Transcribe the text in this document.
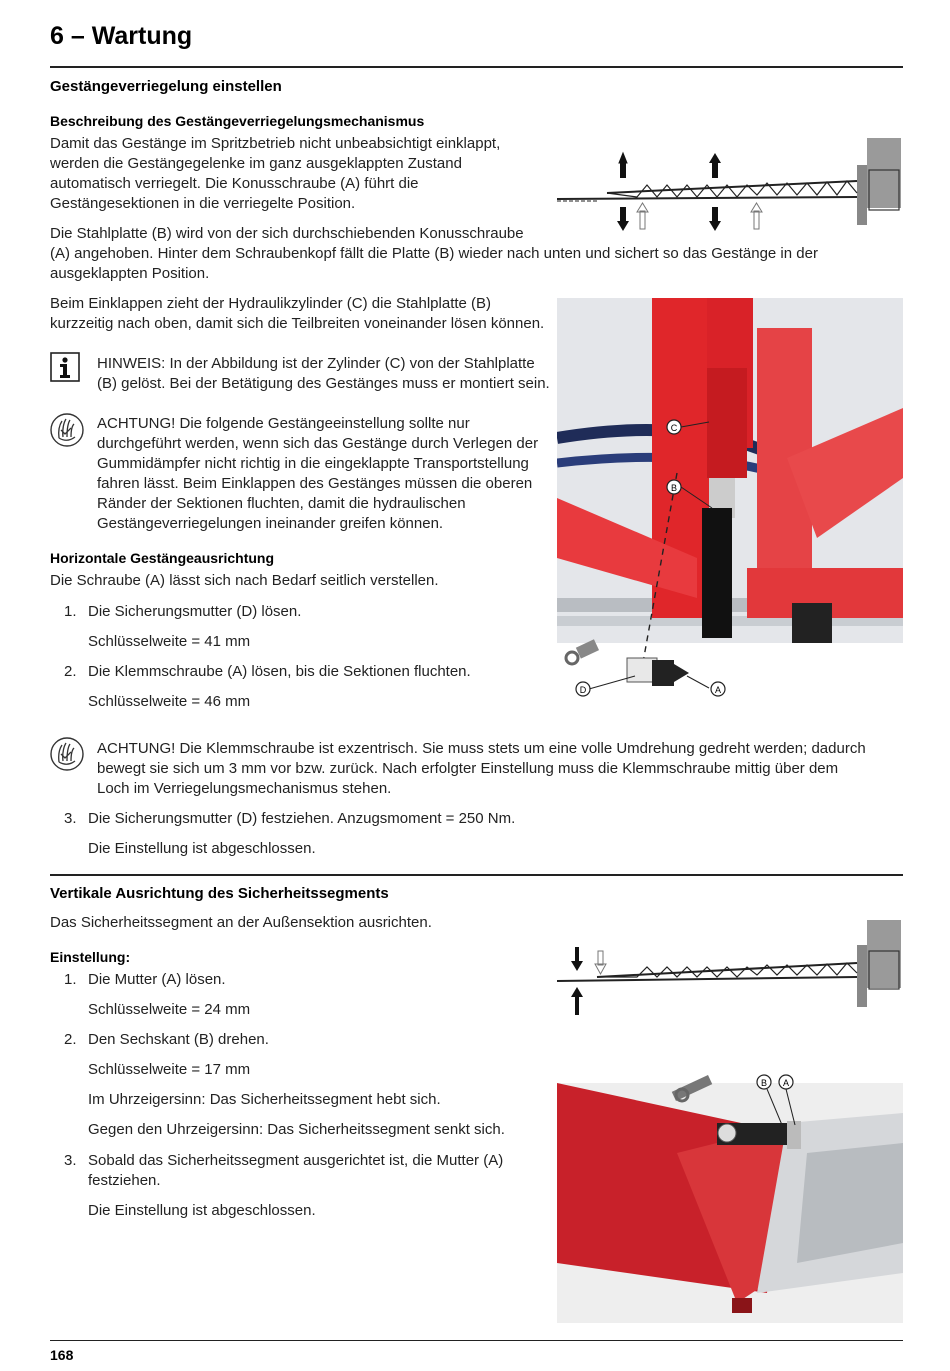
6 – Wartung
Gestängeverriegelung einstellen
Beschreibung des Gestängeverriegelungsmechanismus
Damit das Gestänge im Spritzbetrieb nicht unbeabsichtigt einklappt,
werden die Gestängegelenke im ganz ausgeklappten Zustand
automatisch verriegelt. Die Konusschraube (A) führt die
Gestängesektionen in die verriegelte Position.
Die Stahlplatte (B) wird von der sich durchschiebenden Konusschraube
(A) angehoben. Hinter dem Schraubenkopf fällt die Platte (B) wieder nach unten und sichert so das Gestänge in der
ausgeklappten Position.
Beim Einklappen zieht der Hydraulikzylinder (C) die Stahlplatte (B)
kurzzeitig nach oben, damit sich die Teilbreiten voneinander lösen können.
HINWEIS: In der Abbildung ist der Zylinder (C) von der Stahlplatte
(B) gelöst. Bei der Betätigung des Gestänges muss er montiert sein.
ACHTUNG! Die folgende Gestängeeinstellung sollte nur
durchgeführt werden, wenn sich das Gestänge durch Verlegen der
Gummidämpfer nicht richtig in die eingeklappte Transportstellung
fahren lässt. Beim Einklappen des Gestänges müssen die oberen
Ränder der Sektionen fluchten, damit die hydraulischen
Gestängeverriegelungen ineinander greifen können.
Horizontale Gestängeausrichtung
Die Schraube (A) lässt sich nach Bedarf seitlich verstellen.
1. Die Sicherungsmutter (D) lösen.
Schlüsselweite = 41 mm
2. Die Klemmschraube (A) lösen, bis die Sektionen fluchten.
Schlüsselweite = 46 mm
ACHTUNG! Die Klemmschraube ist exzentrisch. Sie muss stets um eine volle Umdrehung gedreht werden; dadurch
bewegt sie sich um 3 mm vor bzw. zurück. Nach erfolgter Einstellung muss die Klemmschraube mittig über dem
Loch im Verriegelungsmechanismus stehen.
3. Die Sicherungsmutter (D) festziehen. Anzugsmoment = 250 Nm.
Die Einstellung ist abgeschlossen.
C
B
D	A
Vertikale Ausrichtung des Sicherheitssegments
Das Sicherheitssegment an der Außensektion ausrichten.
Einstellung:
1. Die Mutter (A) lösen.
Schlüsselweite = 24 mm
2. Den Sechskant (B) drehen.
Schlüsselweite = 17 mm
Im Uhrzeigersinn: Das Sicherheitssegment hebt sich.
Gegen den Uhrzeigersinn: Das Sicherheitssegment senkt sich.
3. Sobald das Sicherheitssegment ausgerichtet ist, die Mutter (A)
festziehen.
Die Einstellung ist abgeschlossen.
B A
168
